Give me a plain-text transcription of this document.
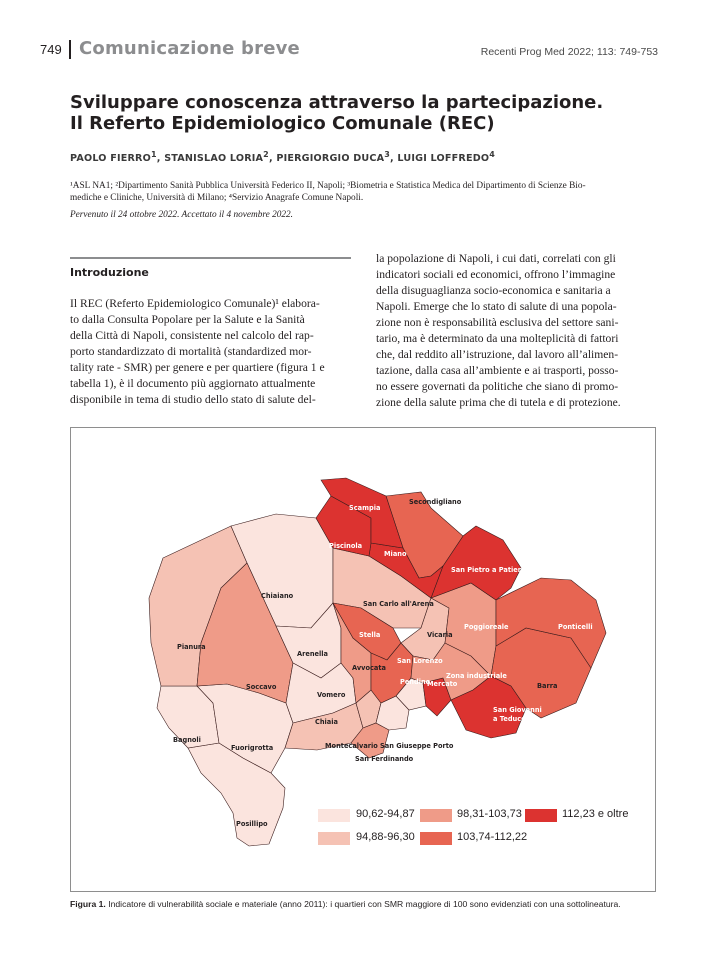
749 Comunicazione breve	Recenti Prog Med 2022; 113: 749-753
Sviluppare conoscenza attraverso la partecipazione.
Il Referto Epidemiologico Comunale (REC)
PAOLO FIERRO$^1$, STANISLAO LORIA$^2$, PIERGIORGIO DUCA$^3$, LUIGI LOFFREDO$^4$
¹ASL NA1; ²Dipartimento Sanità Pubblica Università Federico II, Napoli; ³Biometria e Statistica Medica del Dipartimento di Scienze Bio-
mediche e Cliniche, Università di Milano; ⁴Servizio Anagrafe Comune Napoli.
Pervenuto il 24 ottobre 2022. Accettato il 4 novembre 2022.
Introduzione
Il REC (Referto Epidemiologico Comunale)¹ elabora-
to dalla Consulta Popolare per la Salute e la Sanità
della Città di Napoli, consistente nel calcolo del rap-
porto standardizzato di mortalità (standardized mor-
tality rate - SMR) per genere e per quartiere (figura 1 e
tabella 1), è il documento più aggiornato attualmente
disponibile in tema di studio dello stato di salute del-
la popolazione di Napoli, i cui dati, correlati con gli
indicatori sociali ed economici, offrono l’immagine
della disuguaglianza socio-economica e sanitaria a
Napoli. Emerge che lo stato di salute di una popola-
zione non è responsabilità esclusiva del settore sani-
tario, ma è determinato da una molteplicità di fattori
che, dal reddito all’istruzione, dal lavoro all’alimen-
tazione, dalla casa all’ambiente e ai trasporti, posso-
no essere governati da politiche che siano di promo-
zione della salute prima che di tutela e di protezione.
Scampia
Secondigliano
Piscinola
Miano
San Pietro a Patierno
Chiaiano
San Carlo all'Arena
Stella	Vicaria
Poggioreale	Ponticelli
Pianura
Arenella
Avvocata
San Lorenzo
Zona industriale
Pendino
Mercato	Barra
Soccavo
Vomero
San Giovanni
a Teduccio
Chiaia
Bagnoli
Fuorigrotta	Montecalvario San Giuseppe Porto
San Ferdinando
Posillipo
90,62-94,87
94,88-96,30
98,31-103,73
103,74-112,22
112,23 e oltre
Figura 1. Indicatore di vulnerabilità sociale e materiale (anno 2011): i quartieri con SMR maggiore di 100 sono evidenziati con una sottolineatura.
